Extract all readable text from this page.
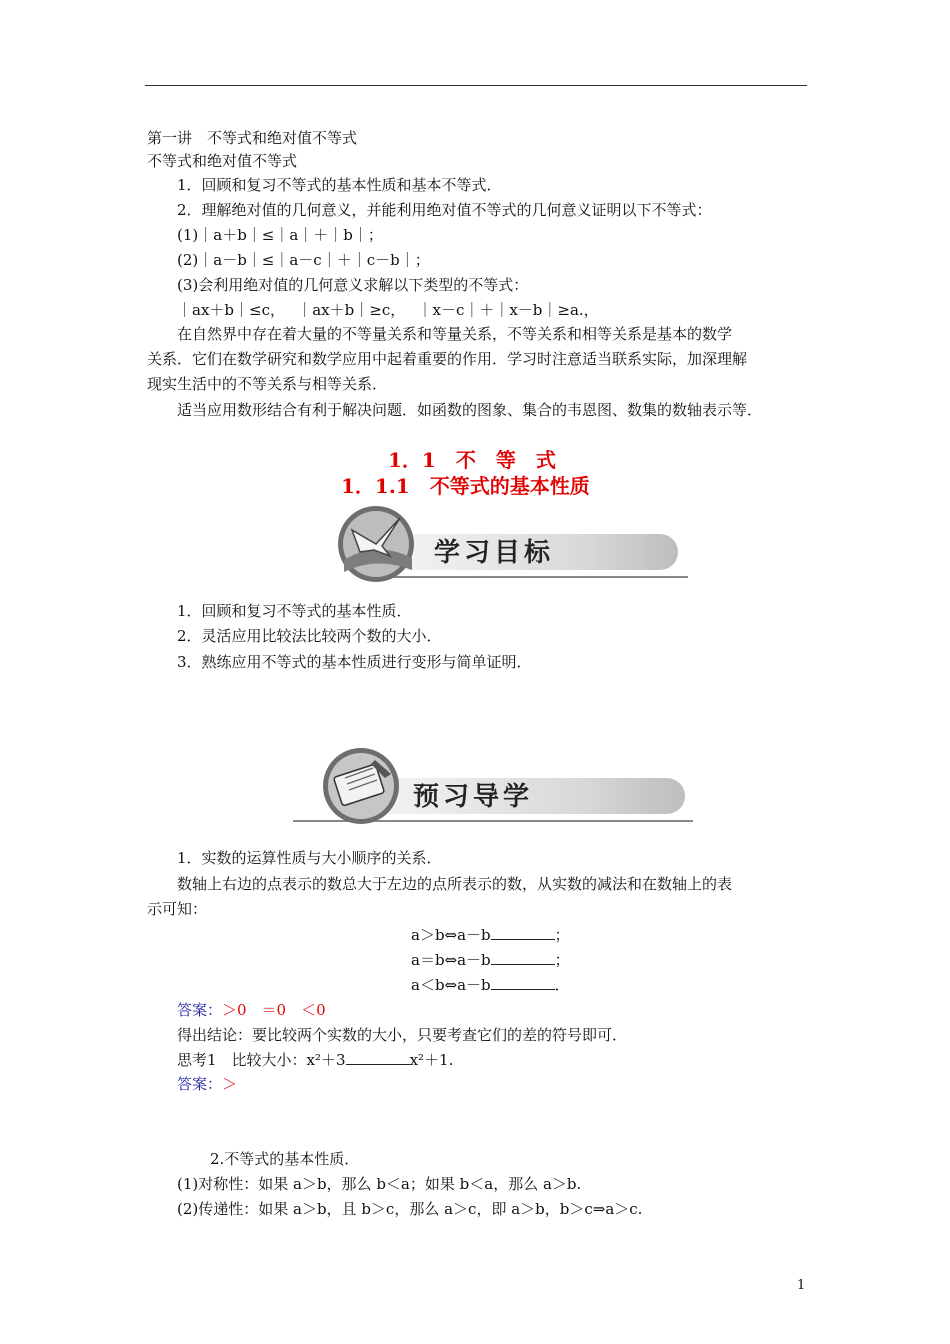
第一讲　不等式和绝对值不等式
不等式和绝对值不等式
1．回顾和复习不等式的基本性质和基本不等式．
2．理解绝对值的几何意义，并能利用绝对值不等式的几何意义证明以下不等式：
(1)｜a＋b｜≤｜a｜＋｜b｜；
(2)｜a－b｜≤｜a－c｜＋｜c－b｜；
(3)会利用绝对值的几何意义求解以下类型的不等式：
｜ax＋b｜≤c，　 ｜ax＋b｜≥c，　 ｜x－c｜＋｜x－b｜≥a.，
在自然界中存在着大量的不等量关系和等量关系，不等关系和相等关系是基本的数学
关系．它们在数学研究和数学应用中起着重要的作用．学习时注意适当联系实际，加深理解
现实生活中的不等关系与相等关系．
适当应用数形结合有利于解决问题．如函数的图象、集合的韦恩图、数集的数轴表示等．
1．1　不　等　式
1．1.1　不等式的基本性质
学习目标
1．回顾和复习不等式的基本性质．
2．灵活应用比较法比较两个数的大小．
3．熟练应用不等式的基本性质进行变形与简单证明．
预习导学
1．实数的运算性质与大小顺序的关系．
数轴上右边的点表示的数总大于左边的点所表示的数，从实数的减法和在数轴上的表
示可知：
a＞b⇔a－b	；
a＝b⇔a－b	；
a＜b⇔a－b	．
答案：＞0　＝0　＜0
得出结论：要比较两个实数的大小，只要考查它们的差的符号即可．
思考1　比较大小：x²＋3	x²＋1.
答案：＞
2.不等式的基本性质．
(1)对称性：如果 a＞b，那么 b＜a；如果 b＜a，那么 a＞b.
(2)传递性：如果 a＞b，且 b＞c，那么 a＞c，即 a＞b，b＞c⇒a＞c.
1
